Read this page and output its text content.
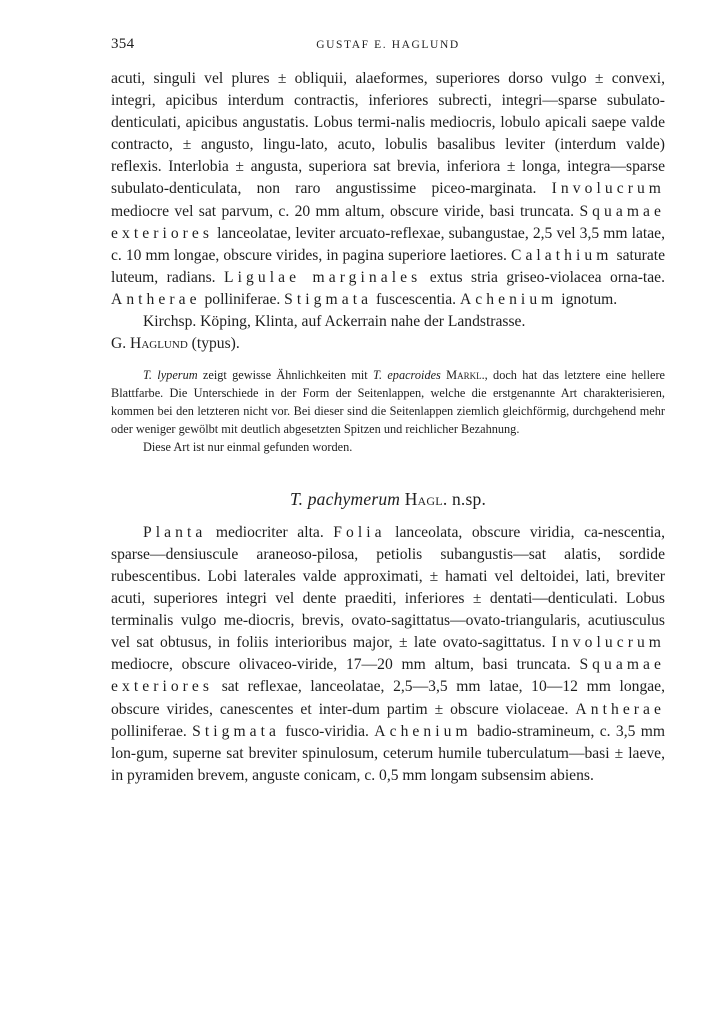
354	GUSTAF E. HAGLUND

acuti, singuli vel plures ± obliquii, alaeformes, superiores dorso vulgo ± convexi, integri, apicibus interdum contractis, inferiores subrecti, integri—sparse subulato-denticulati, apicibus angustatis. Lobus termi-nalis mediocris, lobulo apicali saepe valde contracto, ± angusto, lingu-lato, acuto, lobulis basalibus leviter (interdum valde) reflexis. Interlobia ± angusta, superiora sat brevia, inferiora ± longa, integra—sparse subulato-denticulata, non raro angustissime piceo-marginata. Involucrum mediocre vel sat parvum, c. 20 mm altum, obscure viride, basi truncata. Squamae exteriores lanceolatae, leviter arcuato-reflexae, subangustae, 2,5 vel 3,5 mm latae, c. 10 mm longae, obscure virides, in pagina superiore laetiores. Calathium saturate luteum, radians. Ligulae marginales extus stria griseo-violacea orna-tae. Antherae polliniferae. Stigmata fuscescentia. Achenium ignotum.

Kirchsp. Köping, Klinta, auf Ackerrain nahe der Landstrasse.
G. Haglund (typus).

T. lyperum zeigt gewisse Ähnlichkeiten mit T. epacroides Markl., doch hat das letztere eine hellere Blattfarbe. Die Unterschiede in der Form der Seitenlappen, welche die erstgenannte Art charakterisieren, kommen bei den letzteren nicht vor. Bei dieser sind die Seitenlappen ziemlich gleichförmig, durchgehend mehr oder weniger gewölbt mit deutlich abgesetzten Spitzen und reichlicher Bezahnung.

Diese Art ist nur einmal gefunden worden.

T. pachymerum Hagl. n.sp.

Planta mediocriter alta. Folia lanceolata, obscure viridia, ca-nescentia, sparse—densiuscule araneoso-pilosa, petiolis subangustis—sat alatis, sordide rubescentibus. Lobi laterales valde approximati, ± hamati vel deltoidei, lati, breviter acuti, superiores integri vel dente praediti, inferiores ± dentati—denticulati. Lobus terminalis vulgo me-diocris, brevis, ovato-sagittatus—ovato-triangularis, acutiusculus vel sat obtusus, in foliis interioribus major, ± late ovato-sagittatus. Involucrum mediocre, obscure olivaceo-viride, 17—20 mm altum, basi truncata. Squamae exteriores sat reflexae, lanceolatae, 2,5—3,5 mm latae, 10—12 mm longae, obscure virides, canescentes et inter-dum partim ± obscure violaceae. Antherae polliniferae. Stigmata fusco-viridia. Achenium badio-stramineum, c. 3,5 mm lon-gum, superne sat breviter spinulosum, ceterum humile tuberculatum—basi ± laeve, in pyramiden brevem, anguste conicam, c. 0,5 mm longam subsensim abiens.
